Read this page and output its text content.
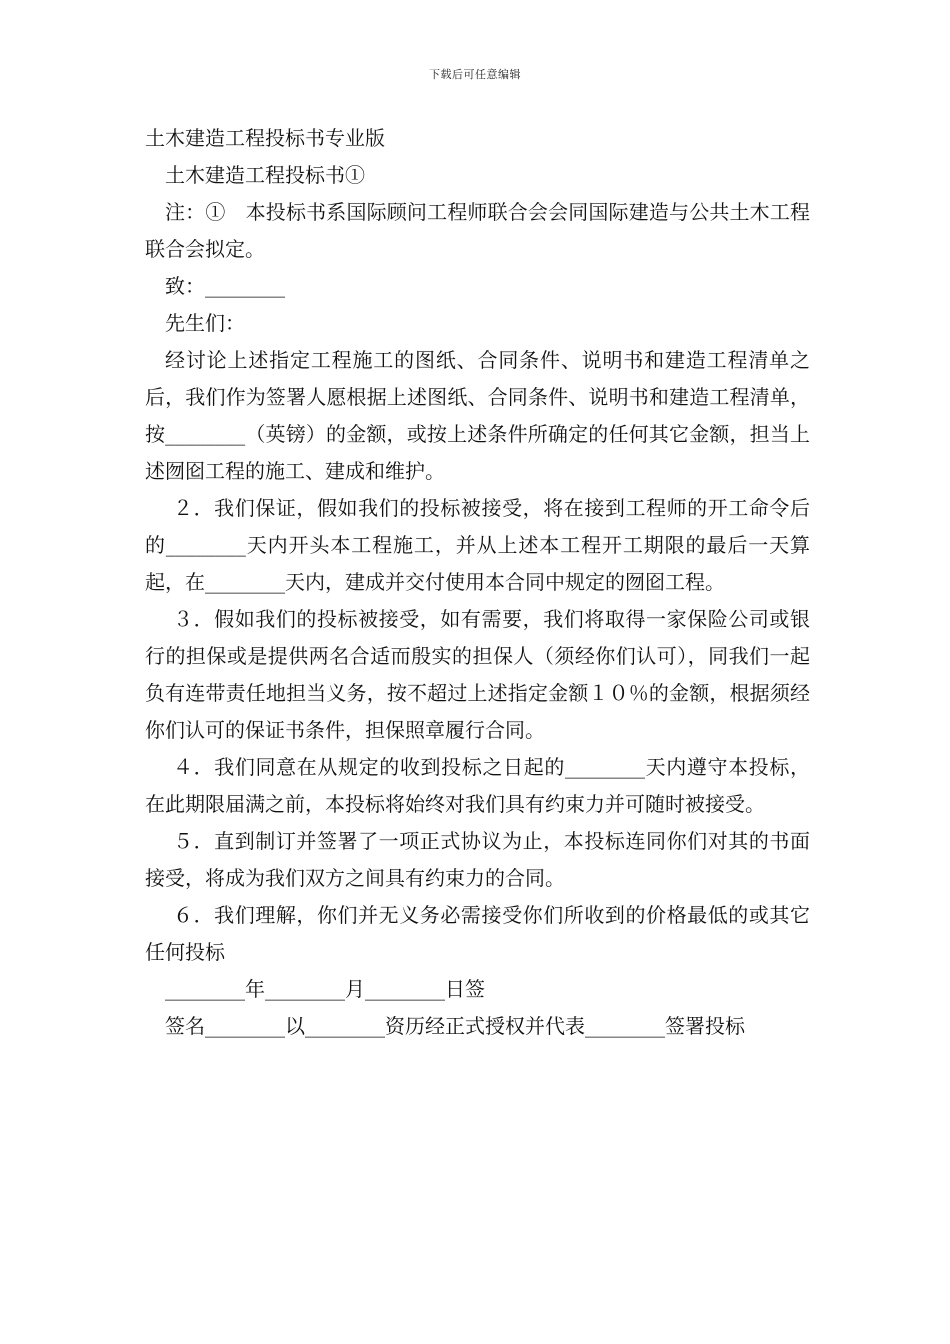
下载后可任意编辑

土木建造工程投标书专业版

土木建造工程投标书①

注：①　本投标书系国际顾问工程师联合会会同国际建造与公共土木工程联合会拟定。

致：________

先生们：

经讨论上述指定工程施工的图纸、合同条件、说明书和建造工程清单之后，我们作为签署人愿根据上述图纸、合同条件、说明书和建造工程清单，按________（英镑）的金额，或按上述条件所确定的任何其它金额，担当上述囫囵工程的施工、建成和维护。

２．我们保证，假如我们的投标被接受，将在接到工程师的开工命令后的________天内开头本工程施工，并从上述本工程开工期限的最后一天算起，在________天内，建成并交付使用本合同中规定的囫囵工程。

３．假如我们的投标被接受，如有需要，我们将取得一家保险公司或银行的担保或是提供两名合适而殷实的担保人（须经你们认可），同我们一起负有连带责任地担当义务，按不超过上述指定金额１０％的金额，根据须经你们认可的保证书条件，担保照章履行合同。

４．我们同意在从规定的收到投标之日起的________天内遵守本投标，在此期限届满之前，本投标将始终对我们具有约束力并可随时被接受。

５．直到制订并签署了一项正式协议为止，本投标连同你们对其的书面接受，将成为我们双方之间具有约束力的合同。

６．我们理解，你们并无义务必需接受你们所收到的价格最低的或其它任何投标

________年________月________日签

签名________以________资历经正式授权并代表________签署投标
